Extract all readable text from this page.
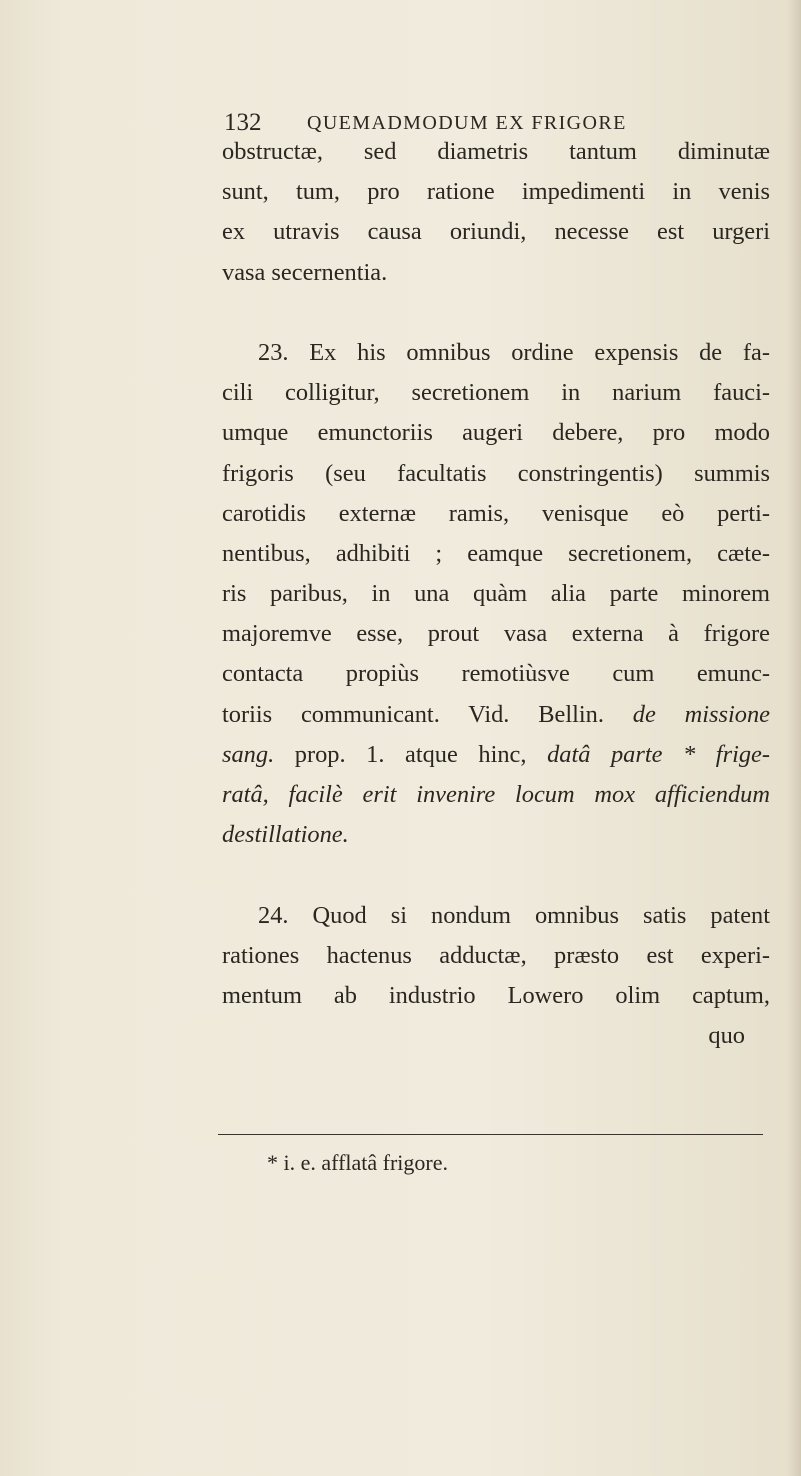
132 QUEMADMODUM EX FRIGORE
obstructæ, sed diametris tantum diminutæ
sunt, tum, pro ratione impedimenti in venis
ex utravis causa oriundi, necesse est urgeri
vasa secernentia.
23. Ex his omnibus ordine expensis de fa-
cili colligitur, secretionem in narium fauci-
umque emunctoriis augeri debere, pro modo
frigoris (seu facultatis constringentis) summis
carotidis externæ ramis, venisque eò perti-
nentibus, adhibiti ; eamque secretionem, cæte-
ris paribus, in una quàm alia parte minorem
majoremve esse, prout vasa externa à frigore
contacta propiùs remotiùsve cum emunc-
toriis communicant. Vid. Bellin. de missione
sang. prop. 1. atque hinc, datâ parte * frige-
ratâ, facilè erit invenire locum mox afficiendum
destillatione.
24. Quod si nondum omnibus satis patent
rationes hactenus adductæ, præsto est experi-
mentum ab industrio Lowero olim captum,
quo
* i. e. afflatâ frigore.
